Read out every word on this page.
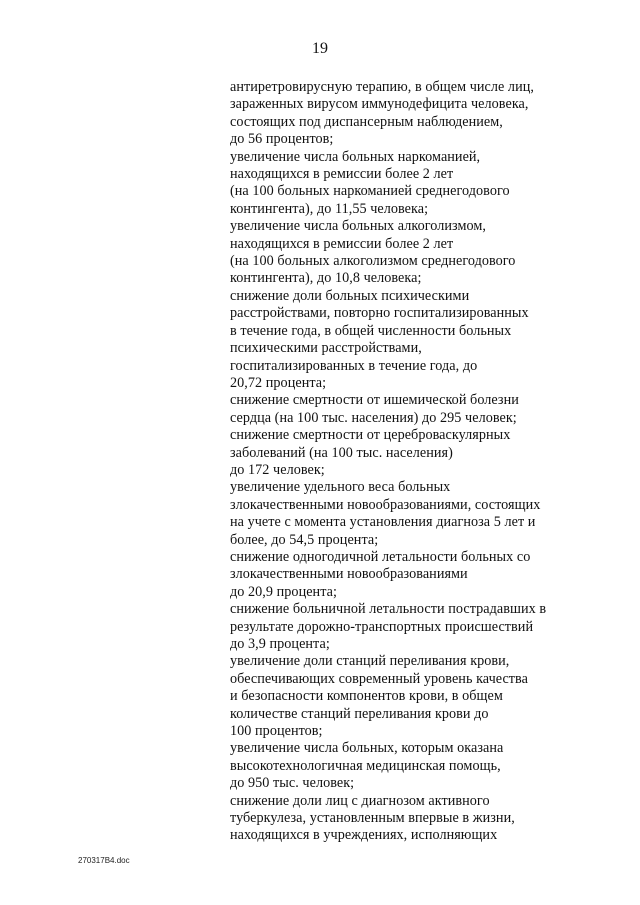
19
антиретровирусную терапию, в общем числе лиц,
зараженных вирусом иммунодефицита человека,
состоящих под диспансерным наблюдением,
до 56 процентов;
увеличение числа больных наркоманией,
находящихся в ремиссии более 2 лет
(на 100 больных наркоманией среднегодового
контингента), до 11,55 человека;
увеличение числа больных алкоголизмом,
находящихся в ремиссии более 2 лет
(на 100 больных алкоголизмом среднегодового
контингента), до 10,8 человека;
снижение доли больных психическими
расстройствами, повторно госпитализированных
в течение года, в общей численности больных
психическими расстройствами,
госпитализированных в течение года, до
20,72 процента;
снижение смертности от ишемической болезни
сердца (на 100 тыс. населения) до 295 человек;
снижение смертности от цереброваскулярных
заболеваний (на 100 тыс. населения)
до 172 человек;
увеличение удельного веса больных
злокачественными новообразованиями, состоящих
на учете с момента установления диагноза 5 лет и
более, до 54,5 процента;
снижение одногодичной летальности больных со
злокачественными новообразованиями
до 20,9 процента;
снижение больничной летальности пострадавших в
результате дорожно-транспортных происшествий
до 3,9 процента;
увеличение доли станций переливания крови,
обеспечивающих современный уровень качества
и безопасности компонентов крови, в общем
количестве станций переливания крови до
100 процентов;
увеличение числа больных, которым оказана
высокотехнологичная медицинская помощь,
до 950 тыс. человек;
снижение доли лиц с диагнозом активного
туберкулеза, установленным впервые в жизни,
находящихся в учреждениях, исполняющих
270317B4.doc
